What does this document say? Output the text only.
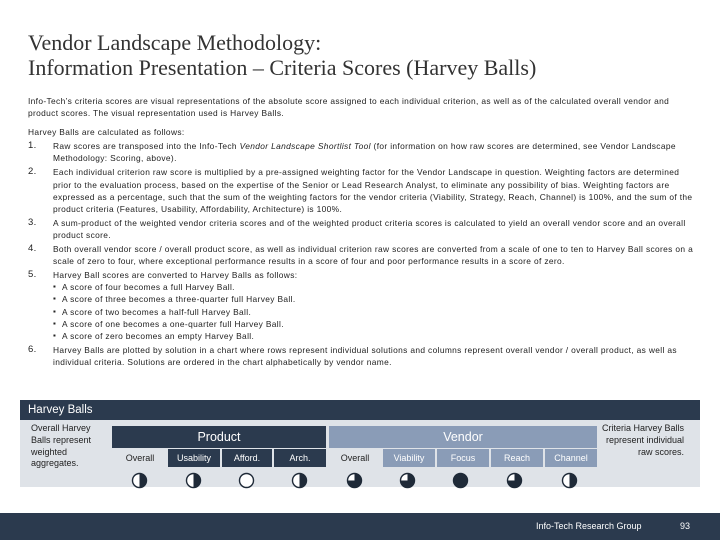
Vendor Landscape Methodology:
Information Presentation – Criteria Scores (Harvey Balls)

Info-Tech’s criteria scores are visual representations of the absolute score assigned to each individual criterion, as well as of the calculated overall vendor and product scores. The visual representation used is Harvey Balls.

Harvey Balls are calculated as follows:

1. Raw scores are transposed into the Info-Tech Vendor Landscape Shortlist Tool (for information on how raw scores are determined, see Vendor Landscape Methodology: Scoring, above).
2. Each individual criterion raw score is multiplied by a pre-assigned weighting factor for the Vendor Landscape in question. Weighting factors are determined prior to the evaluation process, based on the expertise of the Senior or Lead Research Analyst, to eliminate any possibility of bias. Weighting factors are expressed as a percentage, such that the sum of the weighting factors for the vendor criteria (Viability, Strategy, Reach, Channel) is 100%, and the sum of the product criteria (Features, Usability, Affordability, Architecture) is 100%.
3. A sum-product of the weighted vendor criteria scores and of the weighted product criteria scores is calculated to yield an overall vendor score and an overall product score.
4. Both overall vendor score / overall product score, as well as individual criterion raw scores are converted from a scale of one to ten to Harvey Ball scores on a scale of zero to four, where exceptional performance results in a score of four and poor performance results in a score of zero.
5. Harvey Ball scores are converted to Harvey Balls as follows:
▪ A score of four becomes a full Harvey Ball.
▪ A score of three becomes a three-quarter full Harvey Ball.
▪ A score of two becomes a half-full Harvey Ball.
▪ A score of one becomes a one-quarter full Harvey Ball.
▪ A score of zero becomes an empty Harvey Ball.
6. Harvey Balls are plotted by solution in a chart where rows represent individual solutions and columns represent overall vendor / overall product, as well as individual criteria. Solutions are ordered in the chart alphabetically by vendor name.
Harvey Balls
Overall Harvey Balls represent weighted aggregates.
Criteria Harvey Balls represent individual raw scores.
Product	Vendor
Overall	Usability	Afford.	Arch.	Overall	Viability	Focus	Reach	Channel
Info-Tech Research Group	93
